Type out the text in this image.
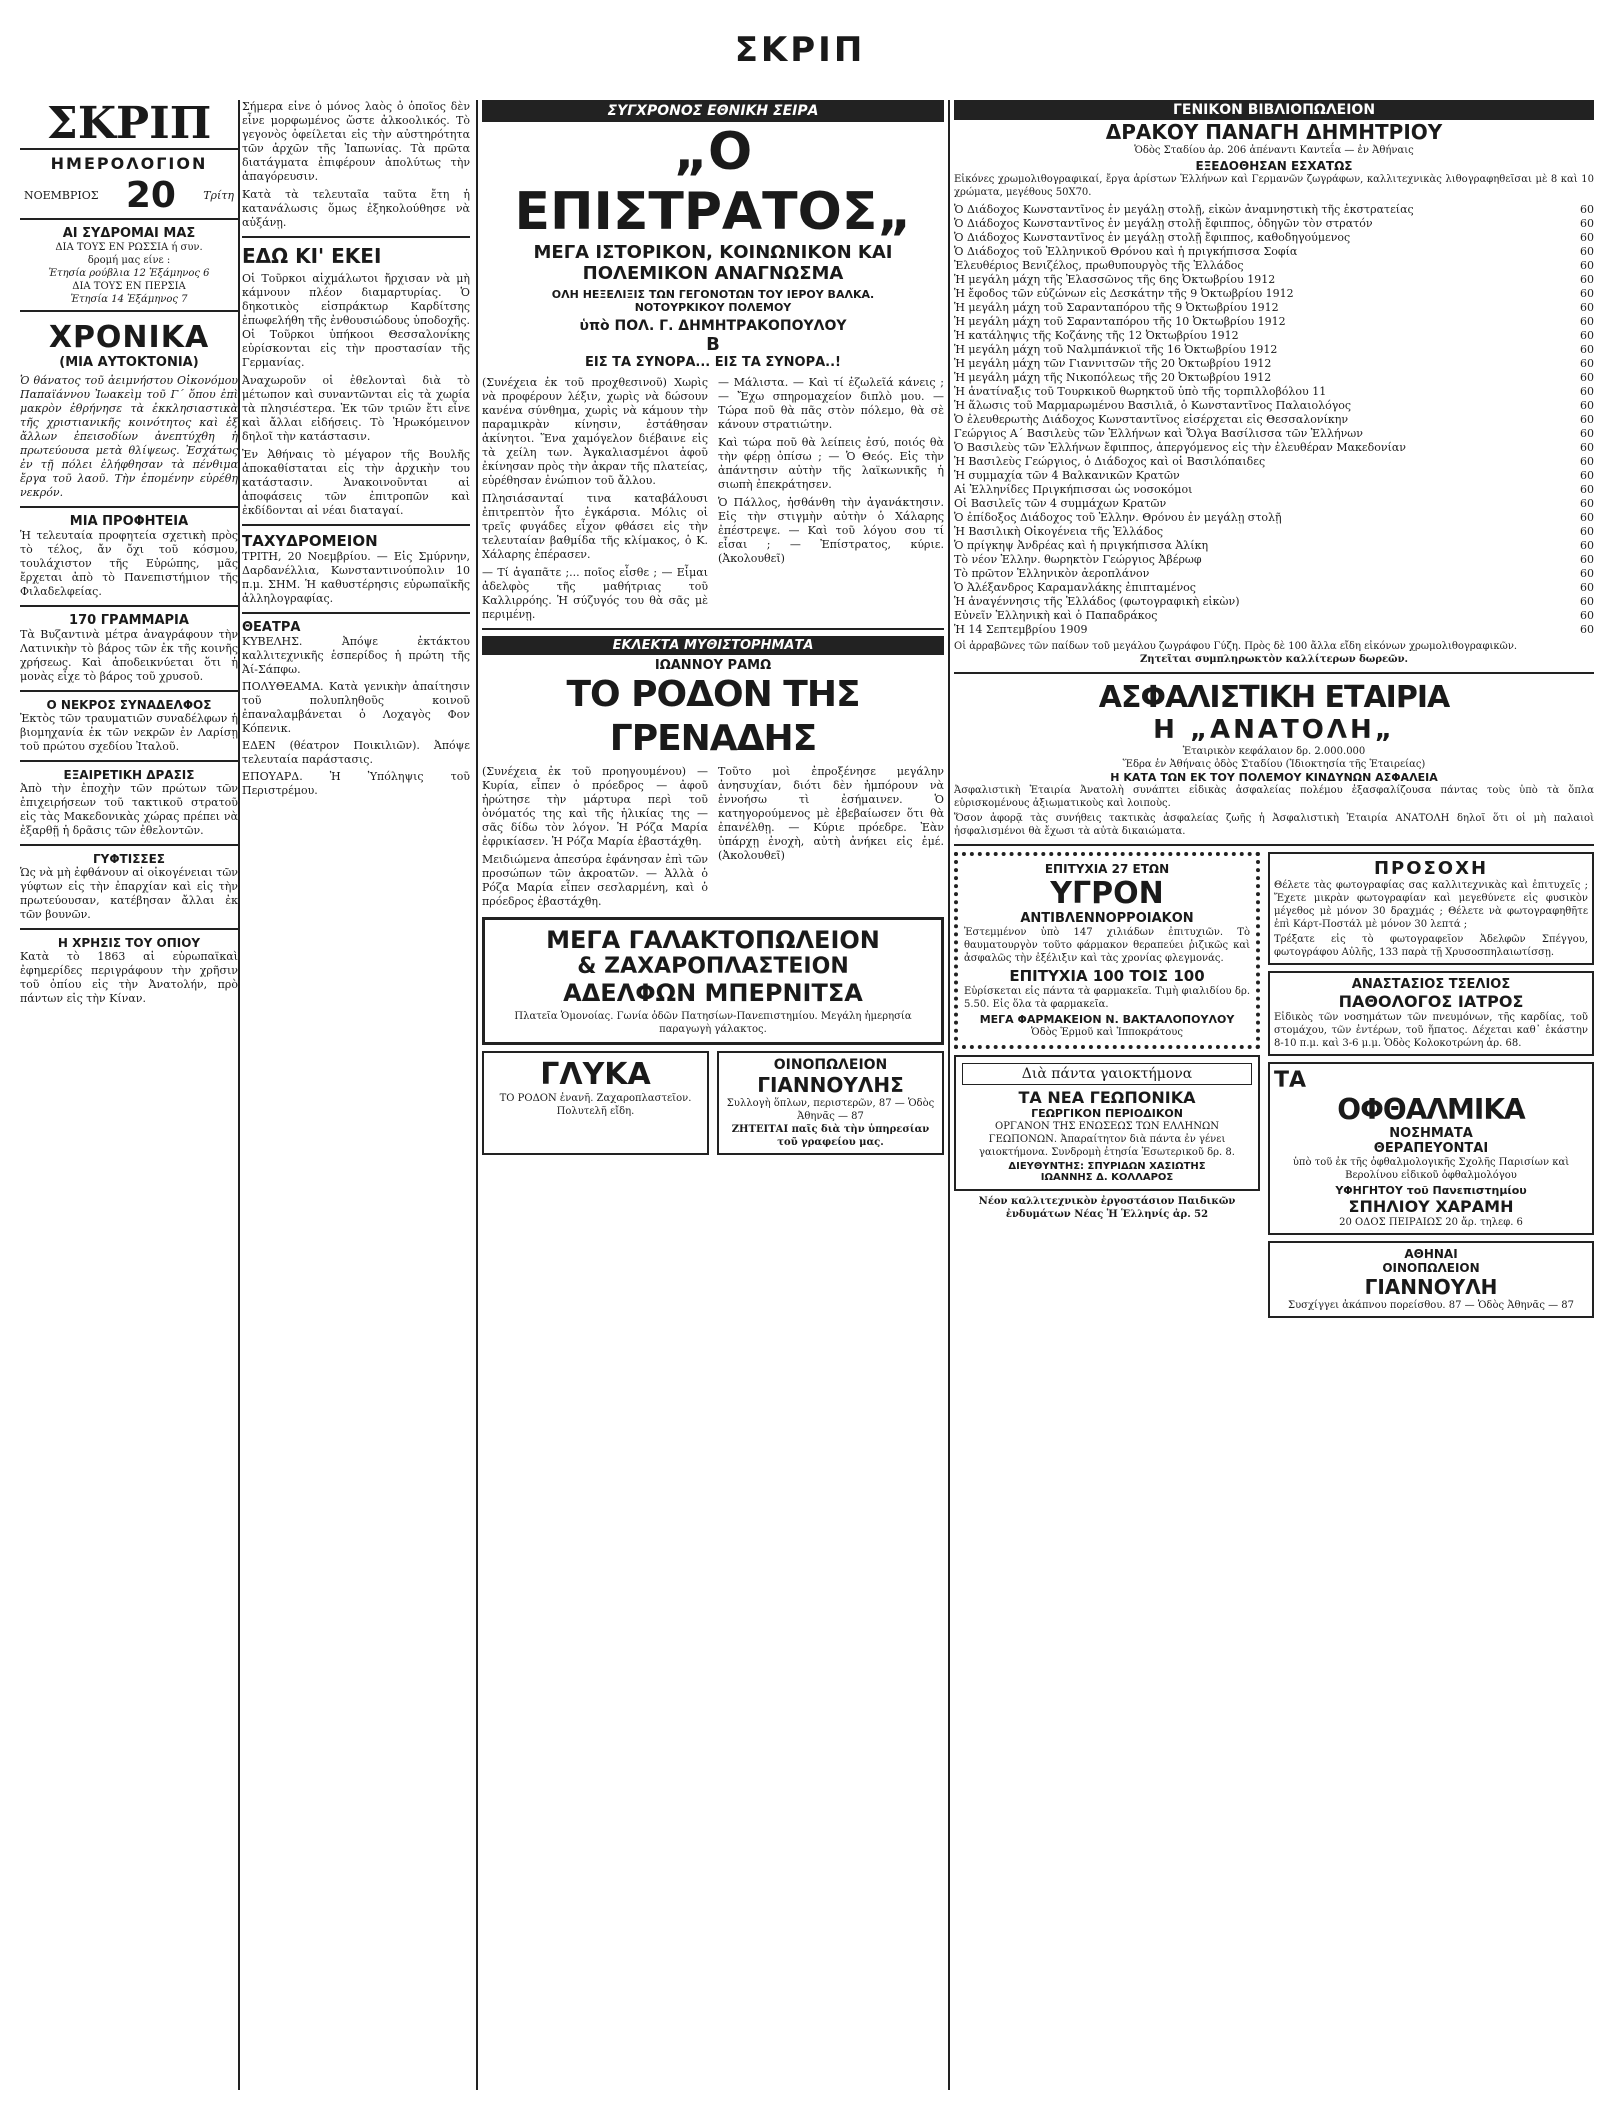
ΣΚΡΙΠ
ΣΚΡΙΠ
ΗΜΕΡΟΛΟΓΙΟΝ
ΝΟΕΜΒΡΙΟΣ 20 Τρίτη
ΑΙ ΣΥΔΡΟΜΑΙ ΜΑΣ
ΔΙΑ ΤΟΥΣ ΕΝ ΡΩΣΣΙΑ ή συν.
δρομή μας είνε :
Ἐτησία ρούβλια 12 Ἑξάμηνος 6
ΔΙΑ ΤΟΥΣ ΕΝ ΠΕΡΣΙΑ
Ἐτησία 14 Ἑξάμηνος 7
ΧΡΟΝΙΚΑ
(ΜΙΑ ΑΥΤΟΚΤΟΝΙΑ)
Ὁ θάνατος τοῦ ἀειμνήστου Οἰκονόμου Παπαϊάννου Ἰωακεὶμ τοῦ Γ΄ ὅπου ἐπὶ μακρὸν ἐθρήνησε τὰ ἐκκλησιαστικὰ τῆς χριστιανικῆς κοινότητος καὶ ἐξ ἄλλων ἐπεισοδίων ἀνεπτύχθη ἡ πρωτεύουσα μετὰ θλίψεως. Ἐσχάτως ἐν τῇ πόλει ἐλήφθησαν τὰ πένθιμα ἔργα τοῦ λαοῦ. Τὴν ἐπομένην εὑρέθη νεκρόν.
ΜΙΑ ΠΡΟΦΗΤΕΙΑ
Ἡ τελευταία προφητεία σχετικὴ πρὸς τὸ τέλος, ἄν ὄχι τοῦ κόσμου, τουλάχιστον τῆς Εὐρώπης, μᾶς ἔρχεται ἀπὸ τὸ Πανεπιστήμιον τῆς Φιλαδελφείας.
170 ΓΡΑΜΜΑΡΙΑ
Τὰ Βυζαντινὰ μέτρα ἀναγράφουν τὴν Λατινικὴν τὸ βάρος τῶν ἐκ τῆς κοινῆς χρήσεως. Καὶ ἀποδεικνύεται ὅτι ἡ μονὰς εἶχε τὸ βάρος τοῦ χρυσοῦ.
Ο ΝΕΚΡΟΣ ΣΥΝΑΔΕΛΦΟΣ
Ἐκτὸς τῶν τραυματιῶν συναδέλφων ἡ βιομηχανία ἐκ τῶν νεκρῶν ἐν Λαρίσῃ τοῦ πρώτου σχεδίου Ἰταλοῦ.
ΕΞΑΙΡΕΤΙΚΗ ΔΡΑΣΙΣ
Ἀπὸ τὴν ἐποχὴν τῶν πρώτων τῶν ἐπιχειρήσεων τοῦ τακτικοῦ στρατοῦ εἰς τὰς Μακεδονικὰς χώρας πρέπει νὰ ἐξαρθῇ ἡ δρᾶσις τῶν ἐθελοντῶν.
ΓΥΦΤΙΣΣΕΣ
Ὡς νὰ μὴ ἐφθάνουν αἱ οἰκογένειαι τῶν γύφτων εἰς τὴν ἐπαρχίαν καὶ εἰς τὴν πρωτεύουσαν, κατέβησαν ἄλλαι ἐκ τῶν βουνῶν.
Η ΧΡΗΣΙΣ ΤΟΥ ΟΠΙΟΥ
Κατὰ τὸ 1863 αἱ εὐρωπαϊκαὶ ἐφημερίδες περιγράφουν τὴν χρῆσιν τοῦ ὀπίου εἰς τὴν Ἀνατολήν, πρὸ πάντων εἰς τὴν Κίναν.
Σήμερα εἶνε ὁ μόνος λαὸς ὁ ὁποῖος δὲν εἶνε μορφωμένος ὥστε ἀλκοολικός. Τὸ γεγονὸς ὀφείλεται εἰς τὴν αὐστηρότητα τῶν ἀρχῶν τῆς Ἰαπωνίας. Τὰ πρῶτα διατάγματα ἐπιφέρουν ἀπολύτως τὴν ἀπαγόρευσιν.
Κατὰ τὰ τελευταῖα ταῦτα ἔτη ἡ κατανάλωσις ὅμως ἐξηκολούθησε νὰ αὐξάνῃ.
ΕΔΩ ΚΙ' ΕΚΕΙ
Οἱ Τοῦρκοι αἰχμάλωτοι ἤρχισαν νὰ μὴ κάμνουν πλέον διαμαρτυρίας. Ὁ δηκοτικὸς εἰσπράκτωρ Καρδίτσης ἐπωφελήθη τῆς ἐνθουσιώδους ὑποδοχῆς. Οἱ Τοῦρκοι ὑπήκοοι Θεσσαλονίκης εὐρίσκονται εἰς τὴν προστασίαν τῆς Γερμανίας.
Ἀναχωροῦν οἱ ἐθελονταὶ διὰ τὸ μέτωπον καὶ συναντῶνται εἰς τὰ χωρία τὰ πλησιέστερα. Ἐκ τῶν τριῶν ἔτι εἶνε καὶ ἄλλαι εἰδήσεις. Τὸ Ἡρωκόμεινον δηλοῖ τὴν κατάστασιν.
Ἐν Ἀθήναις τὸ μέγαρον τῆς Βουλῆς ἀποκαθίσταται εἰς τὴν ἀρχικὴν του κατάστασιν. Ἀνακοινοῦνται αἱ ἀποφάσεις τῶν ἐπιτροπῶν καὶ ἐκδίδονται αἱ νέαι διαταγαί.
ΤΑΧΥΔΡΟΜΕΙΟΝ
ΤΡΙΤΗ, 20 Νοεμβρίου. — Εἰς Σμύρνην, Δαρδανέλλια, Κωνσταντινούπολιν 10 π.μ. ΣΗΜ. Ἡ καθυστέρησις εὐρωπαϊκῆς ἀλληλογραφίας.
ΘΕΑΤΡΑ
ΚΥΒΕΛΗΣ. Ἀπόψε ἐκτάκτου καλλιτεχνικῆς ἑσπερίδος ἡ πρώτη τῆς Ἀί-Σάπφω.
ΠΟΛΥΘΕΑΜΑ. Κατὰ γενικὴν ἀπαίτησιν τοῦ πολυπληθοῦς κοινοῦ ἐπαναλαμβάνεται ὁ Λοχαγὸς Φον Κόπενικ.
ΕΔΕΝ (θέατρον Ποικιλιῶν). Ἀπόψε τελευταία παράστασις.
ΕΠΟΥΑΡΔ. Ἡ Ὑπόληψις τοῦ Περιστρέμου.
ΣΥΓΧΡΟΝΟΣ ΕΘΝΙΚΗ ΣΕΙΡΑ
„Ο ΕΠΙΣΤΡΑΤΟΣ„
ΜΕΓΑ ΙΣΤΟΡΙΚΟΝ, ΚΟΙΝΩΝΙΚΟΝ ΚΑΙ
ΠΟΛΕΜΙΚΟΝ ΑΝΑΓΝΩΣΜΑ
ΟΛΗ ΗΕΞΕΛΙΞΙΣ ΤΩΝ ΓΕΓΟΝΟΤΩΝ ΤΟΥ ΙΕΡΟΥ ΒΑΛΚΑ.
ΝΟΤΟΥΡΚΙΚΟΥ ΠΟΛΕΜΟΥ
ὑπὸ ΠΟΛ. Γ. ΔΗΜΗΤΡΑΚΟΠΟΥΛΟΥ
Β
ΕΙΣ ΤΑ ΣΥΝΟΡΑ... ΕΙΣ ΤΑ ΣΥΝΟΡΑ..!
(Συνέχεια ἐκ τοῦ προχθεσινοῦ) Χωρὶς νὰ προφέρουν λέξιν, χωρὶς νὰ δώσουν κανένα σύνθημα, χωρὶς νὰ κάμουν τὴν παραμικρὰν κίνησιν, ἐστάθησαν ἀκίνητοι. Ἕνα χαμόγελον διέβαινε εἰς τὰ χείλη των. Ἀγκαλιασμένοι ἀφοῦ ἐκίνησαν πρὸς τὴν ἀκραν τῆς πλατείας, εὑρέθησαν ἐνώπιον τοῦ ἄλλου.
Πλησιάσανταί τινα καταβάλουσι ἐπιτρεπτὸν ἦτο ἐγκάρσια. Μόλις οἱ τρεῖς φυγάδες εἶχον φθάσει εἰς τὴν τελευταίαν βαθμίδα τῆς κλίμακος, ὁ Κ. Χάλαρης ἐπέρασεν.
— Τί ἀγαπᾶτε ;... ποῖος εἶσθε ; — Εἶμαι ἀδελφὸς τῆς μαθήτριας τοῦ Καλλιρρόης. Ἡ σύζυγός του θὰ σᾶς μὲ περιμένῃ.
— Μάλιστα. — Καὶ τί ἐζωλεῖά κάνεις ; — Ἔχω σπηρομαχείον διπλὸ μου. — Τώρα ποῦ θὰ πᾶς στὸν πόλεμο, θὰ σὲ κάνουν στρατιώτην.
Καὶ τώρα ποῦ θὰ λείπεις ἐσύ, ποιός θὰ τὴν φέρῃ ὀπίσω ; — Ὁ Θεός. Εἰς τὴν ἀπάντησιν αὐτὴν τῆς λαϊκωνικῆς ἡ σιωπὴ ἐπεκράτησεν.
Ὁ Πάλλος, ἡσθάνθη τὴν ἀγανάκτησιν. Εἰς τὴν στιγμὴν αὐτὴν ὁ Χάλαρης ἐπέστρεψε. — Καὶ τοῦ λόγου σου τί εἶσαι ; — Ἐπίστρατος, κύριε. (Ἀκολουθεῖ)
ΕΚΛΕΚΤΑ ΜΥΘΙΣΤΟΡΗΜΑΤΑ
ΙΩΑΝΝΟΥ ΡΑΜΩ
ΤΟ ΡΟΔΟΝ ΤΗΣ ΓΡΕΝΑΔΗΣ
(Συνέχεια ἐκ τοῦ προηγουμένου) — Κυρία, εἶπεν ὁ πρόεδρος — ἀφοῦ ἠρώτησε τὴν μάρτυρα περὶ τοῦ ὀνόματός της καὶ τῆς ἡλικίας της — σᾶς δίδω τὸν λόγον. Ἡ Ρόζα Μαρία ἐφρικίασεν. Ἡ Ρόζα Μαρία ἐβαστάχθη.
Μειδιώμενα ἀπεσύρα ἐφάνησαν ἐπὶ τῶν προσώπων τῶν ἀκροατῶν. — Ἀλλὰ ὁ Ρόζα Μαρία εἶπεν σεσλαρμένη, καὶ ὁ πρόεδρος ἐβαστάχθη.
Τοῦτο μοὶ ἐπροξένησε μεγάλην ἀνησυχίαν, διότι δὲν ἠμπόρουν νὰ ἐννοήσω τὶ ἐσήμαινεν. Ὁ κατηγορούμενος μὲ ἐβεβαίωσεν ὅτι θὰ ἐπανέλθῃ. — Κύριε πρόεδρε. Ἐὰν ὑπάρχῃ ἐνοχὴ, αὐτὴ ἀνήκει εἰς ἐμέ. (Ἀκολουθεῖ)
ΜΕΓΑ ΓΑΛΑΚΤΟΠΩΛΕΙΟΝ
& ΖΑΧΑΡΟΠΛΑΣΤΕΙΟΝ
ΑΔΕΛΦΩΝ ΜΠΕΡΝΙΤΣΑ
Πλατεῖα Ὁμονοίας. Γωνία ὁδῶν Πατησίων-Πανεπιστημίου. Μεγάλη ἡμερησία παραγωγὴ γάλακτος.
ΓΛΥΚΑ
ΤΟ ΡΟΔΟΝ ἐνανῆ. Ζαχαροπλαστεῖον. Πολυτελῆ εἴδη.
ΟΙΝΟΠΩΛΕΙΟΝ
ΓΙΑΝΝΟΥΛΗΣ
Συλλογὴ ὅπλων, περιστερῶν, 87 — Ὁδὸς Ἀθηνᾶς — 87
ΖΗΤΕΙΤΑΙ παῖς διὰ τὴν ὑπηρεσίαν τοῦ γραφείου μας.
ΓΕΝΙΚΟΝ ΒΙΒΛΙΟΠΩΛΕΙΟΝ
ΔΡΑΚΟΥ ΠΑΝΑΓΗ ΔΗΜΗΤΡΙΟΥ
Ὁδὸς Σταδίου ἀρ. 206 ἀπέναντι Καντεΐα — ἐν Ἀθήναις
ΕΞΕΔΟΘΗΣΑΝ ΕΣΧΑΤΩΣ
Εἰκόνες χρωμολιθογραφικαί, ἔργα ἀρίστων Ἑλλήνων καὶ Γερμανῶν ζωγράφων, καλλιτεχνικὰς λιθογραφηθεῖσαι μὲ 8 καὶ 10 χρώματα, μεγέθους 50Χ70.
Ὁ Διάδοχος Κωνσταντῖνος ἐν μεγάλῃ στολῇ, εἰκὼν ἀναμνηστικὴ τῆς ἐκστρατείας	60
Ὁ Διάδοχος Κωνσταντῖνος ἐν μεγάλῃ στολῇ ἔφιππος, ὁδηγῶν τὸν στρατόν	60
Ὁ Διάδοχος Κωνσταντῖνος ἐν μεγάλῃ στολῇ ἔφιππος, καθοδηγούμενος	60
Ὁ Διάδοχος τοῦ Ἑλληνικοῦ Θρόνου καὶ ἡ πριγκήπισσα Σοφία	60
Ἐλευθέριος Βενιζέλος, πρωθυπουργὸς τῆς Ἑλλάδος	60
Ἡ μεγάλη μάχη τῆς Ἐλασσῶνος τῆς 6ης Ὀκτωβρίου 1912	60
Ἡ ἔφοδος τῶν εὐζώνων εἰς Δεσκάτην τῆς 9 Ὀκτωβρίου 1912	60
Ἡ μεγάλη μάχη τοῦ Σαρανταπόρου τῆς 9 Ὀκτωβρίου 1912	60
Ἡ μεγάλη μάχη τοῦ Σαρανταπόρου τῆς 10 Ὀκτωβρίου 1912	60
Ἡ κατάληψις τῆς Κοζάνης τῆς 12 Ὀκτωβρίου 1912	60
Ἡ μεγάλη μάχη τοῦ Ναλμπάνκιοϊ τῆς 16 Ὀκτωβρίου 1912	60
Ἡ μεγάλη μάχη τῶν Γιαννιτσῶν τῆς 20 Ὀκτωβρίου 1912	60
Ἡ μεγάλη μάχη τῆς Νικοπόλεως τῆς 20 Ὀκτωβρίου 1912	60
Ἡ ἀνατίναξις τοῦ Τουρκικοῦ θωρηκτοῦ ὑπὸ τῆς τορπιλλοβόλου 11	60
Ἡ ἅλωσις τοῦ Μαρμαρωμένου Βασιλιᾶ, ὁ Κωνσταντῖνος Παλαιολόγος	60
Ὁ ἐλευθερωτὴς Διάδοχος Κωνσταντῖνος εἰσέρχεται εἰς Θεσσαλονίκην	60
Γεώργιος Α΄ Βασιλεὺς τῶν Ἑλλήνων καὶ Ὄλγα Βασίλισσα τῶν Ἑλλήνων	60
Ὁ Βασιλεὺς τῶν Ἑλλήνων ἔφιππος, ἀπεργόμενος εἰς τὴν ἐλευθέραν Μακεδονίαν	60
Ἡ Βασιλεὺς Γεώργιος, ὁ Διάδοχος καὶ οἱ Βασιλόπαιδες	60
Ἡ συμμαχία τῶν 4 Βαλκανικῶν Κρατῶν	60
Αἱ Ἑλληνίδες Πριγκήπισσαι ὡς νοσοκόμοι	60
Οἱ Βασιλεῖς τῶν 4 συμμάχων Κρατῶν	60
Ὁ ἐπίδοξος Διάδοχος τοῦ Ἑλλην. Θρόνου ἐν μεγάλῃ στολῇ	60
Ἡ Βασιλικὴ Οἰκογένεια τῆς Ἑλλάδος	60
Ὁ πρίγκηψ Ἀνδρέας καὶ ἡ πριγκήπισσα Ἀλίκη	60
Τὸ νέον Ἑλλην. θωρηκτὸν Γεώργιος Ἀβέρωφ	60
Τὸ πρῶτον Ἑλληνικὸν ἀεροπλάνον	60
Ὁ Ἀλέξανδρος Καραμανλάκης ἐπιπταμένος	60
Ἡ ἀναγέννησις τῆς Ἑλλάδος (φωτογραφικὴ εἰκὼν)	60
Εὐνεῖν Ἑλληνικὴ καὶ ὁ Παπαδράκος	60
Ἡ 14 Σεπτεμβρίου 1909	60
Οἱ ἀρραβῶνες τῶν παίδων τοῦ μεγάλου ζωγράφου Γύζη. Πρὸς δὲ 100 ἄλλα εἴδη εἰκόνων χρωμολιθογραφικῶν.
Ζητεῖται συμπληρωκτὸν καλλίτερων δωρεῶν.
ΑΣΦΑΛΙΣΤΙΚΗ ΕΤΑΙΡΙΑ
Η „ΑΝΑΤΟΛΗ„
Ἑταιρικὸν κεφάλαιον δρ. 2.000.000
Ἕδρα ἐν Ἀθήναις ὁδὸς Σταδίου (Ἰδιοκτησία τῆς Ἑταιρείας)
Η ΚΑΤΑ ΤΩΝ ΕΚ ΤΟΥ ΠΟΛΕΜΟΥ ΚΙΝΔΥΝΩΝ ΑΣΦΑΛΕΙΑ
Ἀσφαλιστικὴ Ἑταιρία Ἀνατολὴ συνάπτει εἰδικὰς ἀσφαλείας πολέμου ἐξασφαλίζουσα πάντας τοὺς ὑπὸ τὰ ὅπλα εὑρισκομένους ἀξιωματικοὺς καὶ λοιποὺς.
Ὅσον ἀφορᾷ τὰς συνήθεις τακτικὰς ἀσφαλείας ζωῆς ἡ Ἀσφαλιστικὴ Ἑταιρία ΑΝΑΤΟΛΗ δηλοῖ ὅτι οἱ μὴ παλαιοὶ ἠσφαλισμένοι θὰ ἔχωσι τὰ αὐτὰ δικαιώματα.
ΕΠΙΤΥΧΙΑ 27 ΕΤΩΝ
ΥΓΡΟΝ
ΑΝΤΙΒΛΕΝΝΟΡΡΟΙΑΚΟΝ
Ἐστεμμένον ὑπὸ 147 χιλιάδων ἐπιτυχιῶν. Τὸ θαυματουργὸν τοῦτο φάρμακον θεραπεύει ῥιζικῶς καὶ ἀσφαλῶς τὴν ἐξέλιξιν καὶ τὰς χρονίας φλεγμονάς.
ΕΠΙΤΥΧΙΑ 100 ΤΟΙΣ 100
Εὑρίσκεται εἰς πάντα τὰ φαρμακεῖα. Τιμὴ φιαλιδίου δρ. 5.50. Εἰς ὅλα τὰ φαρμακεῖα.
ΜΕΓΑ ΦΑΡΜΑΚΕΙΟΝ Ν. ΒΑΚΤΑΛΟΠΟΥΛΟΥ
Ὁδὸς Ἑρμοῦ καὶ Ἱπποκράτους
Διὰ πάντα γαιοκτήμονα
ΤΑ ΝΕΑ ΓΕΩΠΟΝΙΚΑ
ΓΕΩΡΓΙΚΟΝ ΠΕΡΙΟΔΙΚΟΝ
ΟΡΓΑΝΟΝ ΤΗΣ ΕΝΩΣΕΩΣ ΤΩΝ ΕΛΛΗΝΩΝ ΓΕΩΠΟΝΩΝ. Ἀπαραίτητον διὰ πάντα ἐν γένει γαιοκτήμονα. Συνδρομὴ ἐτησία Ἐσωτερικοῦ δρ. 8.
ΔΙΕΥΘΥΝΤΗΣ: ΣΠΥΡΙΔΩΝ ΧΑΣΙΩΤΗΣ
ΙΩΑΝΝΗΣ Δ. ΚΟΛΛΑΡΟΣ
Νέον καλλιτεχνικὸν ἐργοστάσιον Παιδικῶν ἐνδυμάτων Νέας Ἡ Ἑλληνίς ἀρ. 52
ΠΡΟΣΟΧΗ
Θέλετε τὰς φωτογραφίας σας καλλιτεχνικὰς καὶ ἐπιτυχεῖς ; Ἔχετε μικρὰν φωτογραφίαν καὶ μεγεθύνετε εἰς φυσικὸν μέγεθος μὲ μόνον 30 δραχμάς ; Θέλετε νὰ φωτογραφηθῆτε ἐπὶ Κάρτ-Ποστάλ μὲ μόνον 30 λεπτά ;
Τρέξατε εἰς τὸ φωτογραφεῖον Ἀδελφῶν Σπέγγου, φωτογράφου Αὐλῆς, 133 παρὰ τῇ Χρυσοσπηλαιωτίσσῃ.
ΑΝΑΣΤΑΣΙΟΣ ΤΣΕΛΙΟΣ
ΠΑΘΟΛΟΓΟΣ ΙΑΤΡΟΣ
Εἰδικὸς τῶν νοσημάτων τῶν πνευμόνων, τῆς καρδίας, τοῦ στομάχου, τῶν ἐντέρων, τοῦ ἥπατος. Δέχεται καθ᾽ ἑκάστην 8-10 π.μ. καὶ 3-6 μ.μ. Ὁδὸς Κολοκοτρώνη ἀρ. 68.
ΤΑ
ΟΦΘΑΛΜΙΚΑ
ΝΟΣΗΜΑΤΑ
ΘΕΡΑΠΕΥΟΝΤΑΙ
ὑπὸ τοῦ ἐκ τῆς ὀφθαλμολογικῆς Σχολῆς Παρισίων καὶ Βερολίνου εἰδικοῦ ὀφθαλμολόγου
ΥΦΗΓΗΤΟΥ τοῦ Πανεπιστημίου
ΣΠΗΛΙΟΥ ΧΑΡΑΜΗ
20 ΟΔΟΣ ΠΕΙΡΑΙΩΣ 20 ἄρ. τηλεφ. 6
ΑΘΗΝΑΙ
ΟΙΝΟΠΩΛΕΙΟΝ
ΓΙΑΝΝΟΥΛΗ
Συσχίγγει ἀκάπνου πορείσθου. 87 — Ὁδὸς Ἀθηνᾶς — 87
